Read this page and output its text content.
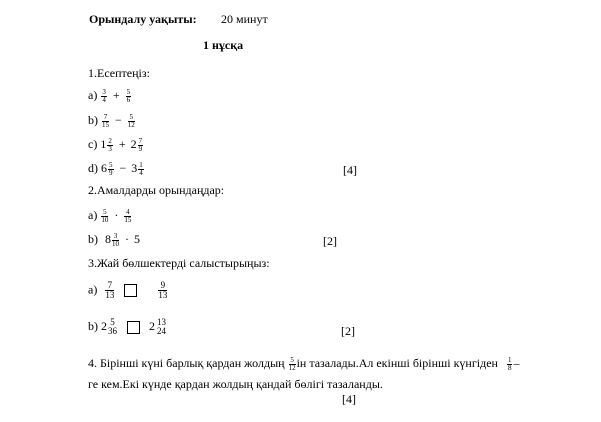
Орындалу уақыты: 20 минут
1 нұсқа
1.Есептеңіз:
$a) \frac{3}{4} + \frac{5}{6}$
$b) \frac{7}{15} - \frac{5}{12}$
c) $1 \frac{2}{3} + 2 \frac{7}{9}$
d) $6 \frac{5}{9} - 3 \frac{1}{4}$	[4]
2.Амалдарды орындаңдар:
$a) \frac{5}{10} \cdot \frac{4}{15}$
b) $8 \frac{3}{10} \cdot 5$	[2]
3.Жай бөлшектерді салыстырыңыз:
$a) \frac{7}{13}$
	$\frac{9}{13}$
b) 2 5
36	2 13
24	[2]
4. Бірінші күні барлық қардан жолдың $\frac{5}{12}$ ін тазалады.Ал екінші бірінші күнгіден $\frac{1}{8}$ –
ге кем.Екі күнде қардан жолдың қандай бөлігі тазаланды.
[4]
